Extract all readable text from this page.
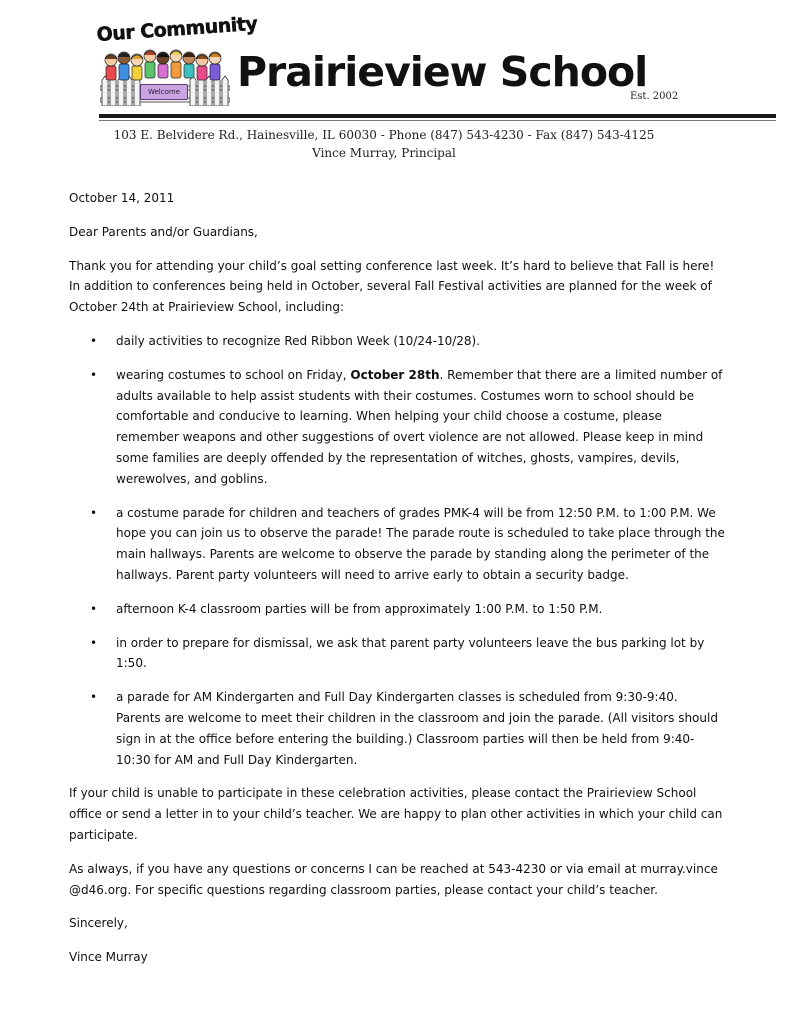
Our Community
Welcome Prairieview School
Est. 2002
103 E. Belvidere Rd., Hainesville, IL 60030 - Phone (847) 543-4230 - Fax (847) 543-4125
Vince Murray, Principal

October 14, 2011

Dear Parents and/or Guardians,

Thank you for attending your child’s goal setting conference last week. It’s hard to believe that Fall is here! In addition to conferences being held in October, several Fall Festival activities are planned for the week of October 24th at Prairieview School, including:

• daily activities to recognize Red Ribbon Week (10/24-10/28).
• wearing costumes to school on Friday, October 28th. Remember that there are a limited number of adults available to help assist students with their costumes. Costumes worn to school should be comfortable and conducive to learning. When helping your child choose a costume, please remember weapons and other suggestions of overt violence are not allowed. Please keep in mind some families are deeply offended by the representation of witches, ghosts, vampires, devils, werewolves, and goblins.
• a costume parade for children and teachers of grades PMK-4 will be from 12:50 P.M. to 1:00 P.M. We hope you can join us to observe the parade! The parade route is scheduled to take place through the main hallways. Parents are welcome to observe the parade by standing along the perimeter of the hallways. Parent party volunteers will need to arrive early to obtain a security badge.
• afternoon K-4 classroom parties will be from approximately 1:00 P.M. to 1:50 P.M.
• in order to prepare for dismissal, we ask that parent party volunteers leave the bus parking lot by 1:50.
• a parade for AM Kindergarten and Full Day Kindergarten classes is scheduled from 9:30-9:40. Parents are welcome to meet their children in the classroom and join the parade. (All visitors should sign in at the office before entering the building.) Classroom parties will then be held from 9:40-10:30 for AM and Full Day Kindergarten.

If your child is unable to participate in these celebration activities, please contact the Prairieview School office or send a letter in to your child’s teacher. We are happy to plan other activities in which your child can participate.

As always, if you have any questions or concerns I can be reached at 543-4230 or via email at murray.vince @d46.org. For specific questions regarding classroom parties, please contact your child’s teacher.

Sincerely,

Vince Murray
